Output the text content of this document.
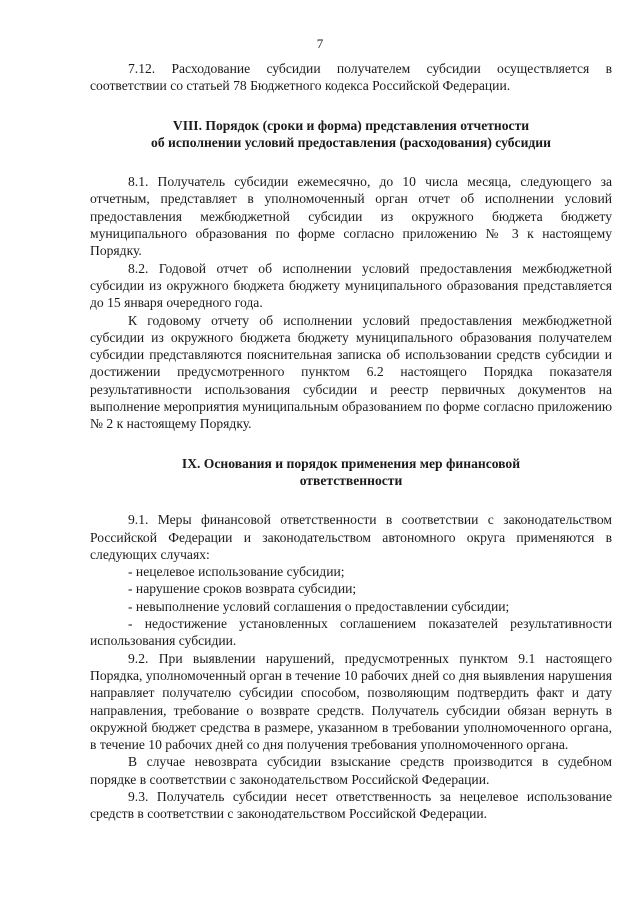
7

7.12. Расходование субсидии получателем субсидии осуществляется в соответствии со статьей 78 Бюджетного кодекса Российской Федерации.

VIII. Порядок (сроки и форма) представления отчетности
об исполнении условий предоставления (расходования) субсидии

8.1. Получатель субсидии ежемесячно, до 10 числа месяца, следующего за отчетным, представляет в уполномоченный орган отчет об исполнении условий предоставления межбюджетной субсидии из окружного бюджета бюджету муниципального образования по форме согласно приложению № 3 к настоящему Порядку.

8.2. Годовой отчет об исполнении условий предоставления межбюджетной субсидии из окружного бюджета бюджету муниципального образования представляется до 15 января очередного года.

К годовому отчету об исполнении условий предоставления межбюджетной субсидии из окружного бюджета бюджету муниципального образования получателем субсидии представляются пояснительная записка об использовании средств субсидии и достижении предусмотренного пунктом 6.2 настоящего Порядка показателя результативности использования субсидии и реестр первичных документов на выполнение мероприятия муниципальным образованием по форме согласно приложению № 2 к настоящему Порядку.

IX. Основания и порядок применения мер финансовой
ответственности

9.1. Меры финансовой ответственности в соответствии с законодательством Российской Федерации и законодательством автономного округа применяются в следующих случаях:

- нецелевое использование субсидии;

- нарушение сроков возврата субсидии;

- невыполнение условий соглашения о предоставлении субсидии;

- недостижение установленных соглашением показателей результативности использования субсидии.

9.2. При выявлении нарушений, предусмотренных пунктом 9.1 настоящего Порядка, уполномоченный орган в течение 10 рабочих дней со дня выявления нарушения направляет получателю субсидии способом, позволяющим подтвердить факт и дату направления, требование о возврате средств. Получатель субсидии обязан вернуть в окружной бюджет средства в размере, указанном в требовании уполномоченного органа, в течение 10 рабочих дней со дня получения требования уполномоченного органа.

В случае невозврата субсидии взыскание средств производится в судебном порядке в соответствии с законодательством Российской Федерации.

9.3. Получатель субсидии несет ответственность за нецелевое использование средств в соответствии с законодательством Российской Федерации.
